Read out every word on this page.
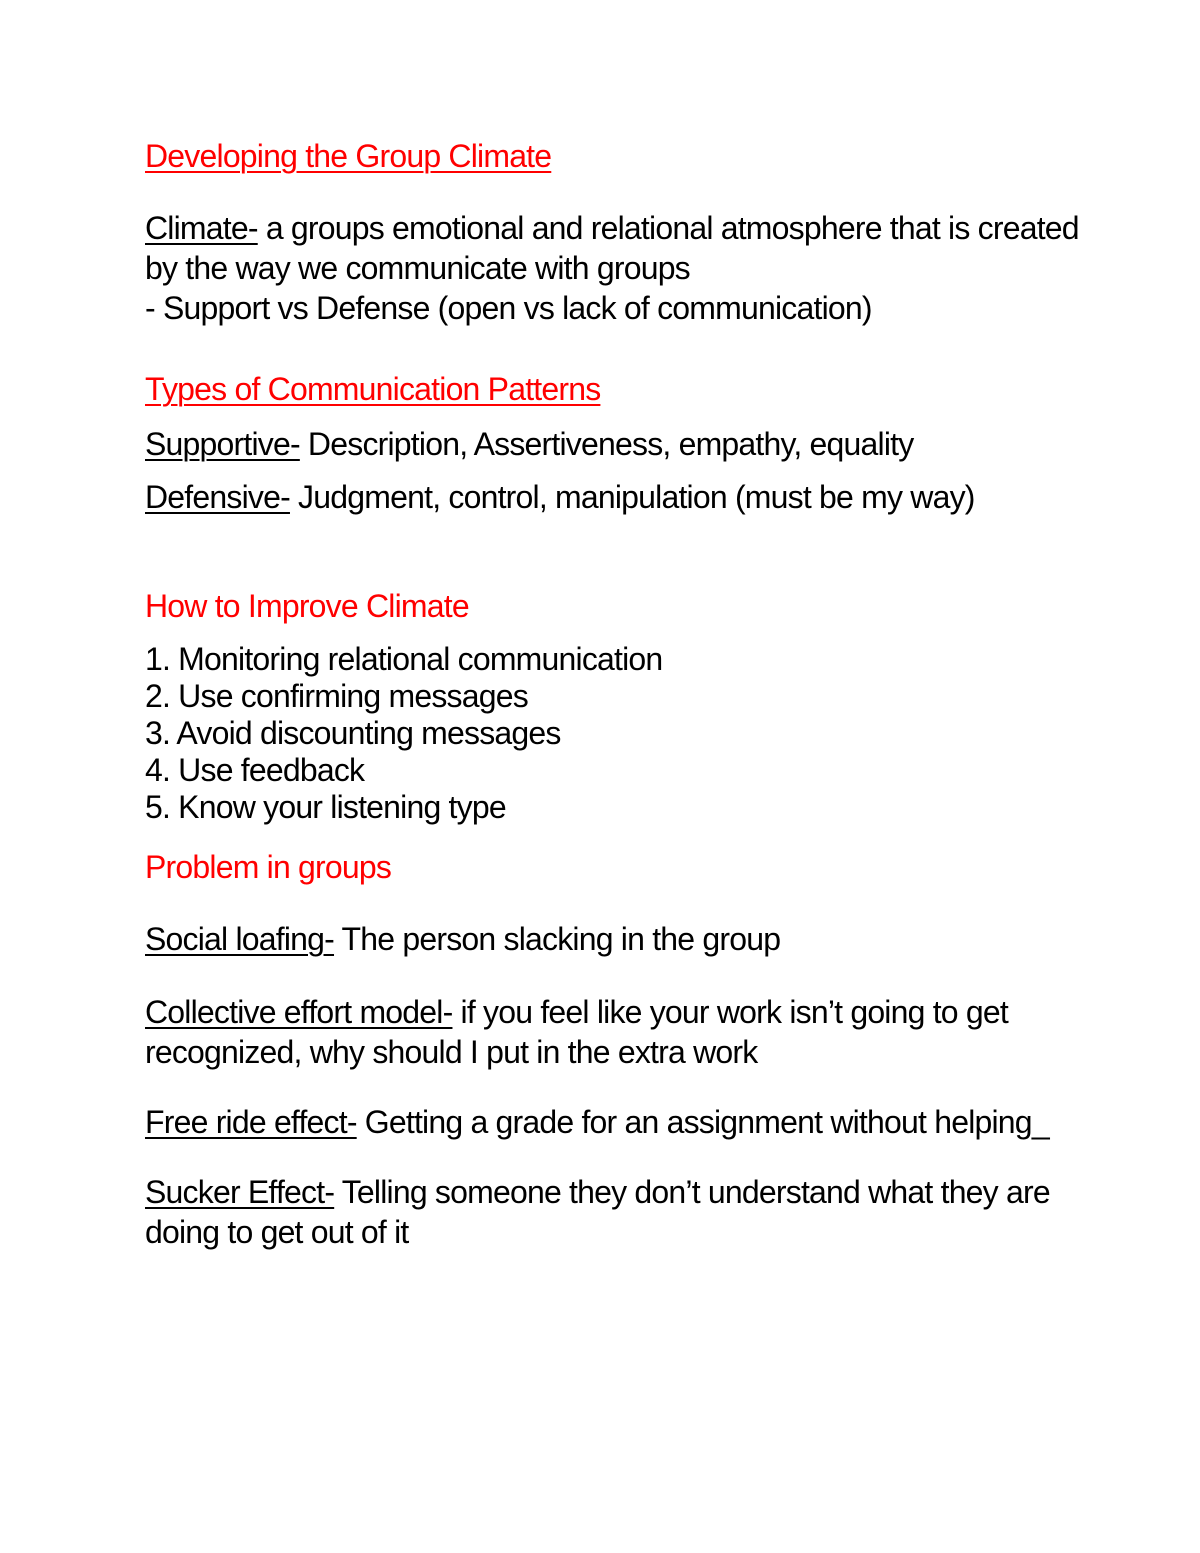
Developing the Group Climate
Climate- a groups emotional and relational atmosphere that is created by the way we communicate with groups
- Support vs Defense (open vs lack of communication)
Types of Communication Patterns
Supportive- Description, Assertiveness, empathy, equality
Defensive- Judgment, control, manipulation (must be my way)
How to Improve Climate
1. Monitoring relational communication
2. Use confirming messages
3. Avoid discounting messages
4. Use feedback
5. Know your listening type
Problem in groups
Social loafing- The person slacking in the group
Collective effort model- if you feel like your work isn’t going to get recognized, why should I put in the extra work
Free ride effect- Getting a grade for an assignment without helping_
Sucker Effect- Telling someone they don’t understand what they are doing to get out of it
